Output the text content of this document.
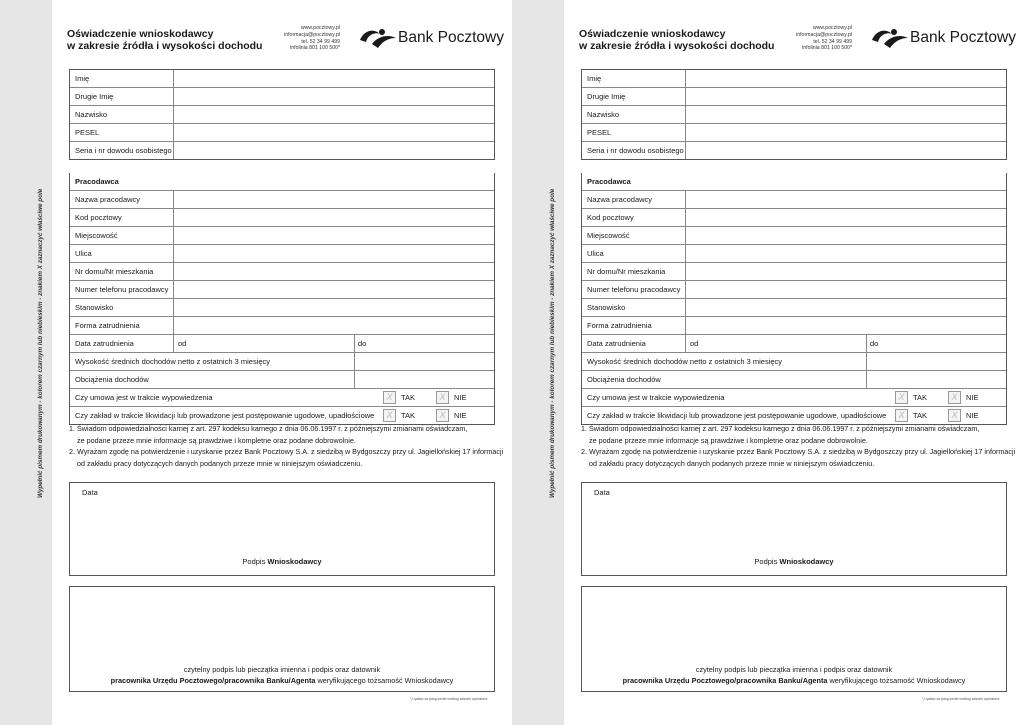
Wypełnić pismem drukowanym - kolorem czarnym lub niebieskim - znakiem X zaznaczyć właściwe pole
Oświadczenie wnioskodawcy
w zakresie źródła i wysokości dochodu
www.pocztowy.pl
informacja@pocztowy.pl
tel. 52 34 99 499
infolinia 801 100 500*
Bank Pocztowy
Imię
Drugie Imię
Nazwisko
PESEL
Seria i nr dowodu osobistego
Pracodawca
Nazwa pracodawcy
Kod pocztowy
Miejscowość
Ulica
Nr domu/Nr mieszkania
Numer telefonu pracodawcy
Stanowisko
Forma zatrudnienia
Data zatrudnienia	od	do
Wysokość średnich dochodów netto z ostatnich 3 miesięcy
Obciążenia dochodów
Czy umowa jest w trakcie wypowiedzenia	X	TAK	X	NIE
Czy zakład w trakcie likwidacji lub prowadzone jest postępowanie ugodowe, upadłościowe	X	TAK	X	NIE
1. Świadom odpowiedzialności karnej z art. 297 kodeksu karnego z dnia 06.06.1997 r. z późniejszymi zmianami oświadczam,
że podane przeze mnie informacje są prawdziwe i kompletne oraz podane dobrowolnie.
2. Wyrażam zgodę na potwierdzenie i uzyskanie przez Bank Pocztowy S.A. z siedzibą w Bydgoszczy przy ul. Jagiellońskiej 17 informacji
od zakładu pracy dotyczących danych podanych przeze mnie w niniejszym oświadczeniu.
Data
Podpis Wnioskodawcy
czytelny podpis lub pieczątka imienna i podpis oraz datownik
pracownika Urzędu Pocztowego/pracownika Banku/Agenta weryfikującego tożsamość Wnioskodawcy
*) opłata za połączenie według stawek operatora
Wypełnić pismem drukowanym - kolorem czarnym lub niebieskim - znakiem X zaznaczyć właściwe pole
Oświadczenie wnioskodawcy
w zakresie źródła i wysokości dochodu
www.pocztowy.pl
informacja@pocztowy.pl
tel. 52 34 99 499
infolinia 801 100 500*
Bank Pocztowy
Imię
Drugie Imię
Nazwisko
PESEL
Seria i nr dowodu osobistego
Pracodawca
Nazwa pracodawcy
Kod pocztowy
Miejscowość
Ulica
Nr domu/Nr mieszkania
Numer telefonu pracodawcy
Stanowisko
Forma zatrudnienia
Data zatrudnienia	od	do
Wysokość średnich dochodów netto z ostatnich 3 miesięcy
Obciążenia dochodów
Czy umowa jest w trakcie wypowiedzenia	X	TAK	X	NIE
Czy zakład w trakcie likwidacji lub prowadzone jest postępowanie ugodowe, upadłościowe	X	TAK	X	NIE
1. Świadom odpowiedzialności karnej z art. 297 kodeksu karnego z dnia 06.06.1997 r. z późniejszymi zmianami oświadczam,
że podane przeze mnie informacje są prawdziwe i kompletne oraz podane dobrowolnie.
2. Wyrażam zgodę na potwierdzenie i uzyskanie przez Bank Pocztowy S.A. z siedzibą w Bydgoszczy przy ul. Jagiellońskiej 17 informacji
od zakładu pracy dotyczących danych podanych przeze mnie w niniejszym oświadczeniu.
Data
Podpis Wnioskodawcy
czytelny podpis lub pieczątka imienna i podpis oraz datownik
pracownika Urzędu Pocztowego/pracownika Banku/Agenta weryfikującego tożsamość Wnioskodawcy
*) opłata za połączenie według stawek operatora
